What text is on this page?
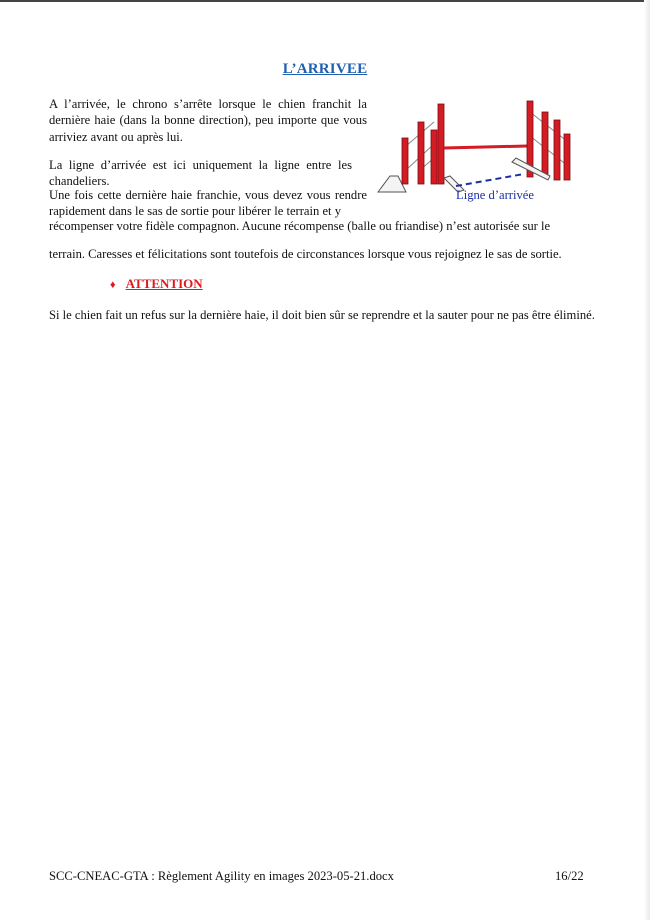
L’ARRIVEE
A l’arrivée, le chrono s’arrête lorsque le chien franchit la dernière haie (dans la bonne direction), peu importe que vous arriviez avant ou après lui.
La ligne d’arrivée est ici uniquement la ligne entre les chandeliers.
Une fois cette dernière haie franchie, vous devez vous rendre rapidement dans le sas de sortie pour libérer le terrain et y
récompenser votre fidèle compagnon. Aucune récompense (balle ou friandise) n’est autorisée sur le
terrain. Caresses et félicitations sont toutefois de circonstances lorsque vous rejoignez le sas de sortie.
♦ ATTENTION
Si le chien fait un refus sur la dernière haie, il doit bien sûr se reprendre et la sauter pour ne pas être éliminé.
Ligne d’arrivée
SCC-CNEAC-GTA : Règlement Agility en images 2023-05-21.docx	16/22
